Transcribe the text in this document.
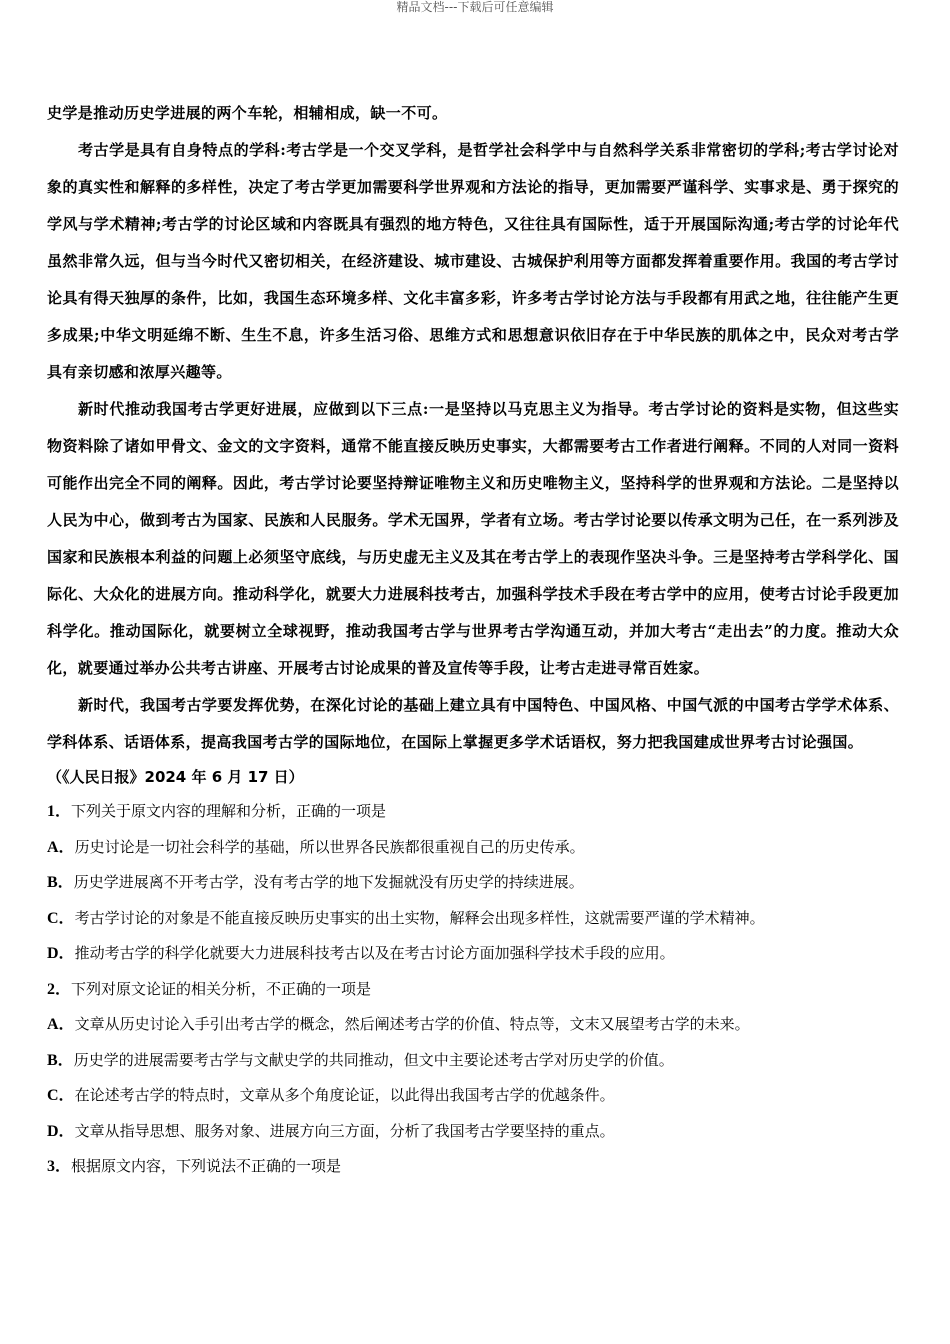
精品文档---下载后可任意编辑

史学是推动历史学进展的两个车轮，相辅相成，缺一不可。

考古学是具有自身特点的学科:考古学是一个交叉学科，是哲学社会科学中与自然科学关系非常密切的学科;考古学讨论对象的真实性和解释的多样性，决定了考古学更加需要科学世界观和方法论的指导，更加需要严谨科学、实事求是、勇于探究的学风与学术精神;考古学的讨论区域和内容既具有强烈的地方特色，又往往具有国际性，适于开展国际沟通;考古学的讨论年代虽然非常久远，但与当今时代又密切相关，在经济建设、城市建设、古城保护利用等方面都发挥着重要作用。我国的考古学讨论具有得天独厚的条件，比如，我国生态环境多样、文化丰富多彩，许多考古学讨论方法与手段都有用武之地，往往能产生更多成果;中华文明延绵不断、生生不息，许多生活习俗、思维方式和思想意识依旧存在于中华民族的肌体之中，民众对考古学具有亲切感和浓厚兴趣等。

新时代推动我国考古学更好进展，应做到以下三点:一是坚持以马克思主义为指导。考古学讨论的资料是实物，但这些实物资料除了诸如甲骨文、金文的文字资料，通常不能直接反映历史事实，大都需要考古工作者进行阐释。不同的人对同一资料可能作出完全不同的阐释。因此，考古学讨论要坚持辩证唯物主义和历史唯物主义，坚持科学的世界观和方法论。二是坚持以人民为中心，做到考古为国家、民族和人民服务。学术无国界，学者有立场。考古学讨论要以传承文明为己任，在一系列涉及国家和民族根本利益的问题上必须坚守底线，与历史虚无主义及其在考古学上的表现作坚决斗争。三是坚持考古学科学化、国际化、大众化的进展方向。推动科学化，就要大力进展科技考古，加强科学技术手段在考古学中的应用，使考古讨论手段更加科学化。推动国际化，就要树立全球视野，推动我国考古学与世界考古学沟通互动，并加大考古“走出去”的力度。推动大众化，就要通过举办公共考古讲座、开展考古讨论成果的普及宣传等手段，让考古走进寻常百姓家。

新时代，我国考古学要发挥优势，在深化讨论的基础上建立具有中国特色、中国风格、中国气派的中国考古学学术体系、学科体系、话语体系，提高我国考古学的国际地位，在国际上掌握更多学术话语权，努力把我国建成世界考古讨论强国。

（《人民日报》2024 年 6 月 17 日）

1．下列关于原文内容的理解和分析，正确的一项是

A．历史讨论是一切社会科学的基础，所以世界各民族都很重视自己的历史传承。

B．历史学进展离不开考古学，没有考古学的地下发掘就没有历史学的持续进展。

C．考古学讨论的对象是不能直接反映历史事实的出土实物，解释会出现多样性，这就需要严谨的学术精神。

D．推动考古学的科学化就要大力进展科技考古以及在考古讨论方面加强科学技术手段的应用。

2．下列对原文论证的相关分析，不正确的一项是

A．文章从历史讨论入手引出考古学的概念，然后阐述考古学的价值、特点等，文末又展望考古学的未来。

B．历史学的进展需要考古学与文献史学的共同推动，但文中主要论述考古学对历史学的价值。

C．在论述考古学的特点时，文章从多个角度论证，以此得出我国考古学的优越条件。

D．文章从指导思想、服务对象、进展方向三方面，分析了我国考古学要坚持的重点。

3．根据原文内容，下列说法不正确的一项是
